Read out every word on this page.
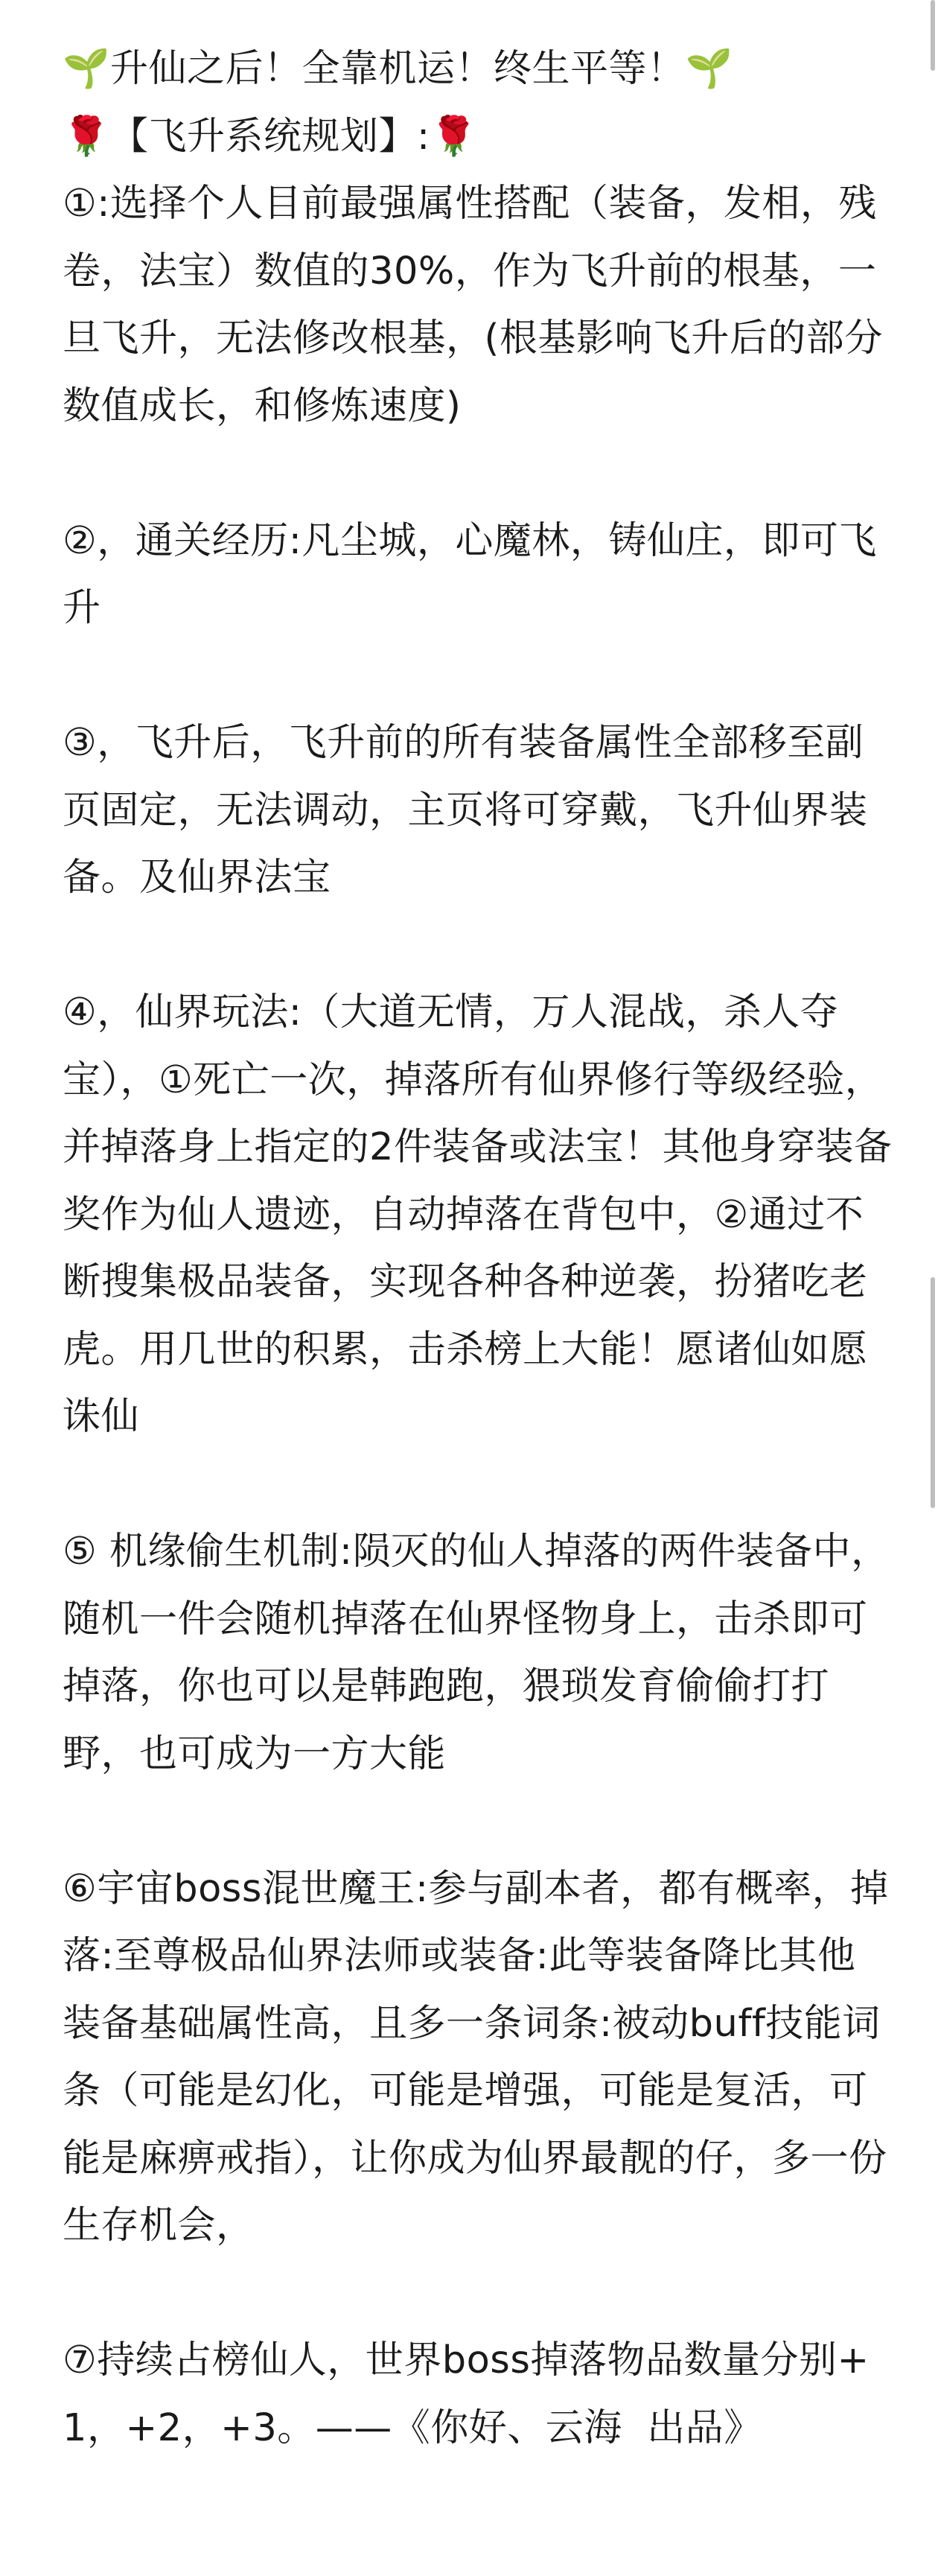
🌱升仙之后！全靠机运！终生平等！🌱

🌹【飞升系统规划】:🌹

①:选择个人目前最强属性搭配（装备，发相，残卷，法宝）数值的30%，作为飞升前的根基，一旦飞升，无法修改根基，(根基影响飞升后的部分数值成长，和修炼速度)

②，通关经历:凡尘城，心魔林，铸仙庄，即可飞升

③，飞升后，飞升前的所有装备属性全部移至副页固定，无法调动，主页将可穿戴，飞升仙界装备。及仙界法宝

④，仙界玩法:（大道无情，万人混战，杀人夺宝），①死亡一次，掉落所有仙界修行等级经验，并掉落身上指定的2件装备或法宝！其他身穿装备奖作为仙人遗迹，自动掉落在背包中，②通过不断搜集极品装备，实现各种各种逆袭，扮猪吃老虎。用几世的积累，击杀榜上大能！愿诸仙如愿诛仙

⑤ 机缘偷生机制:陨灭的仙人掉落的两件装备中，随机一件会随机掉落在仙界怪物身上，击杀即可掉落，你也可以是韩跑跑，猥琐发育偷偷打打野，也可成为一方大能

⑥宇宙boss混世魔王:参与副本者，都有概率，掉落:至尊极品仙界法师或装备:此等装备降比其他装备基础属性高，且多一条词条:被动buff技能词条（可能是幻化，可能是增强，可能是复活，可能是麻痹戒指），让你成为仙界最靓的仔，多一份生存机会，

⑦持续占榜仙人，世界boss掉落物品数量分别+1，+2，+3。——《你好、云海  出品》
